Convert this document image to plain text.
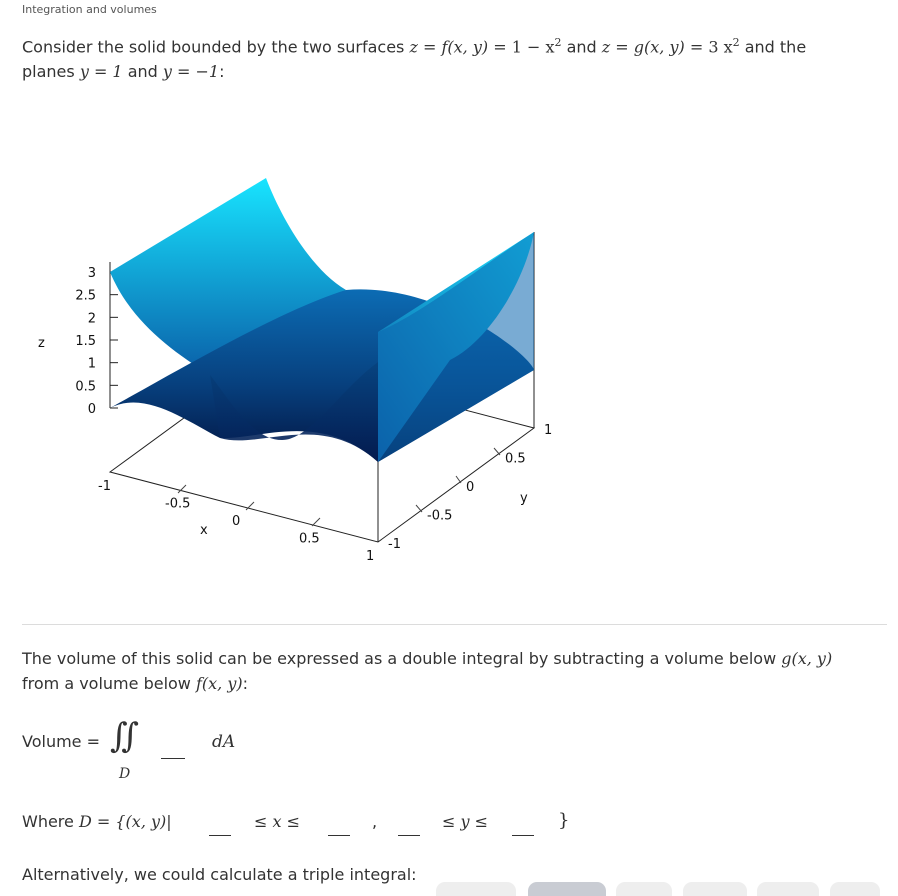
Integration and volumes
Consider the solid bounded by the two surfaces z = f(x, $y) = 1 - x^2$ and z = g(x, y) = 3 $x^2$ and the
planes y = 1 and y = −1:
0
0.5
1
1.5
2
2.5
3
z
-1
-0.5
0
0.5
1
-1
-0.5
0
0.5
1
x
y
The volume of this solid can be expressed as a double integral by subtracting a volume below g(x, y)
from a volume below f(x, y):
Volume = ∬
D
dA
Where D = {(x, y)|	≤ x ≤	,	≤ y ≤	}
Alternatively, we could calculate a triple integral:
